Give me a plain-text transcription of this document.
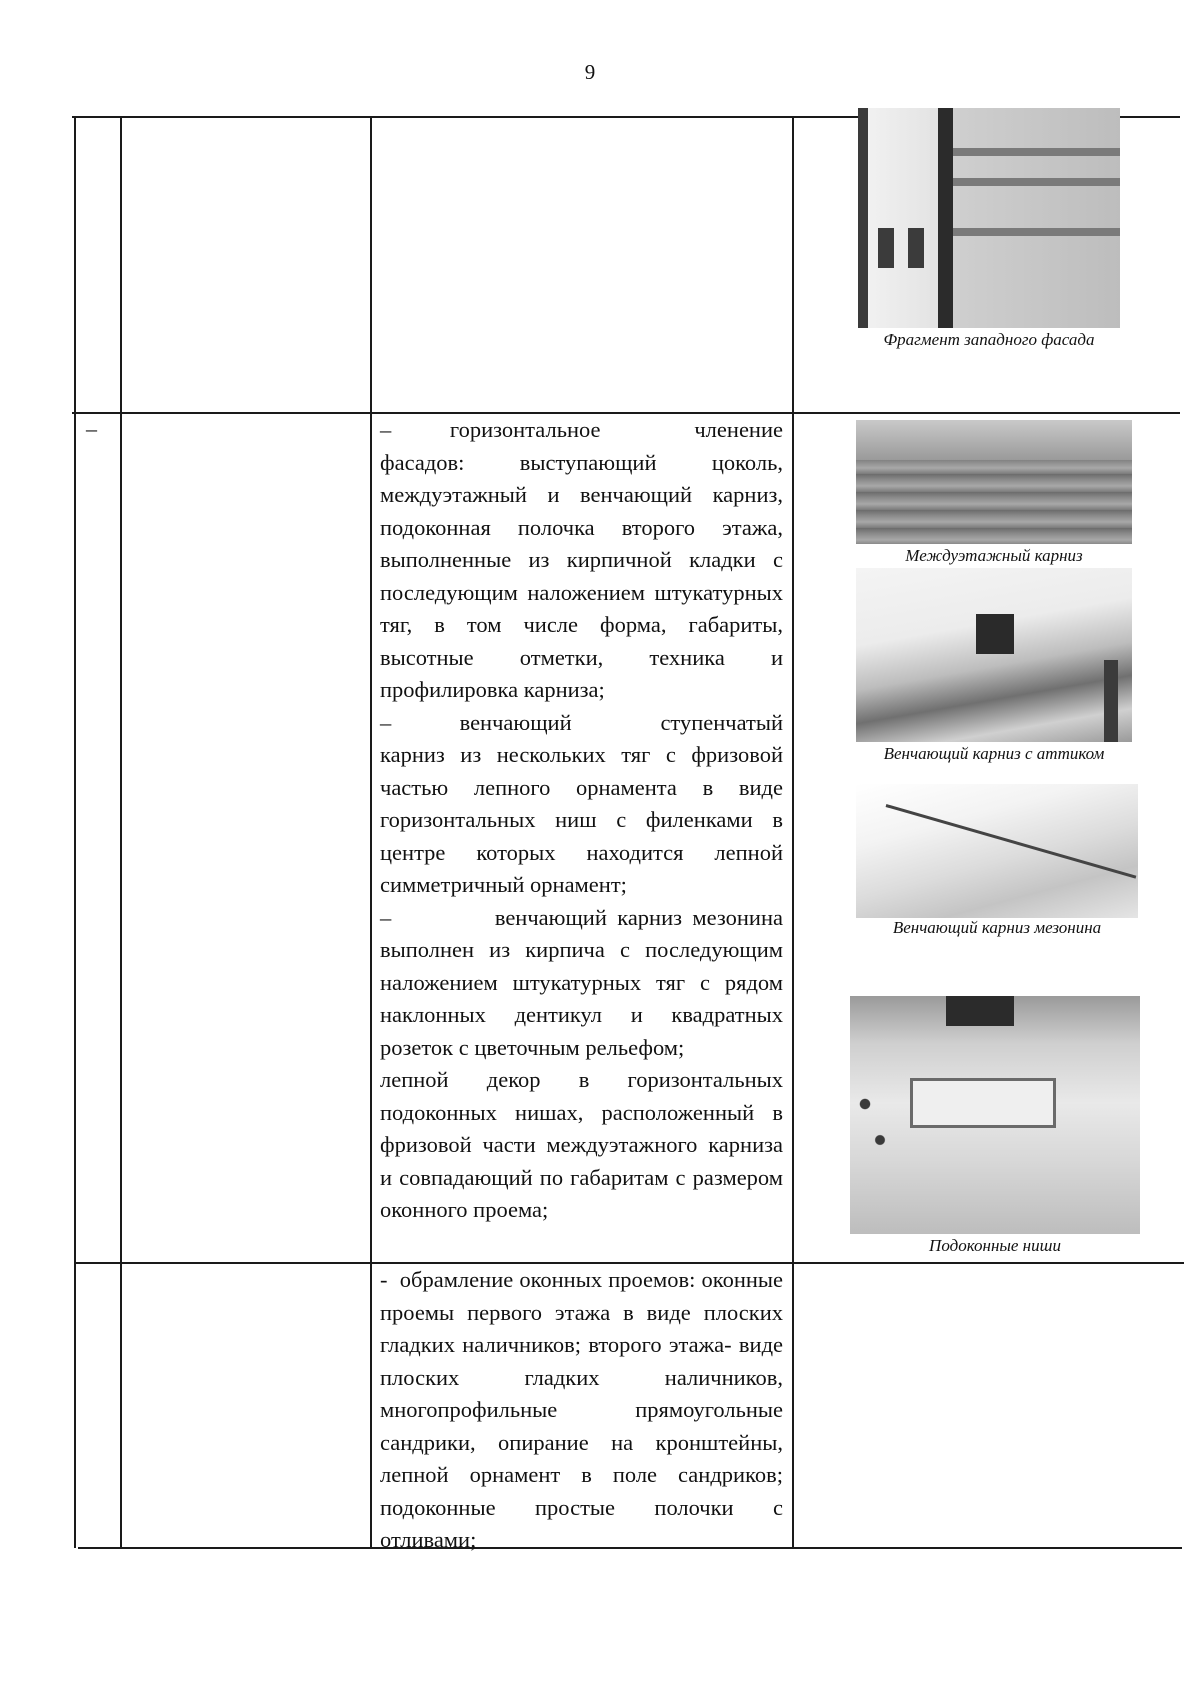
9
–	–          горизонтальное                членение фасадов: выступающий цоколь, междуэтажный и венчающий карниз, подоконная полочка второго этажа, выполненные из кирпичной кладки с последующим наложением штукатурных тяг, в том числе форма, габариты, высотные отметки, техника и профилировка карниза;

–          венчающий             ступенчатый карниз из нескольких тяг с фризовой частью лепного орнамента в виде горизонтальных ниш с филенками в центре которых находится лепной симметричный орнамент;

–          венчающий карниз мезонина выполнен из кирпича с последующим наложением штукатурных тяг с рядом наклонных дентикул и квадратных розеток с цветочным рельефом;

лепной декор в горизонтальных подоконных нишах, расположенный в фризовой части междуэтажного карниза и совпадающий по габаритам с размером оконного проема;

-  обрамление оконных проемов: оконные проемы первого этажа в виде плоских гладких наличников; второго этажа- виде плоских гладких наличников, многопрофильные прямоугольные сандрики, опирание на кронштейны, лепной орнамент в поле сандриков; подоконные простые полочки с отливами;

Фрагмент западного фасада
Междуэтажный карниз
Венчающий карниз с аттиком
Венчающий карниз мезонина
Подоконные ниши
